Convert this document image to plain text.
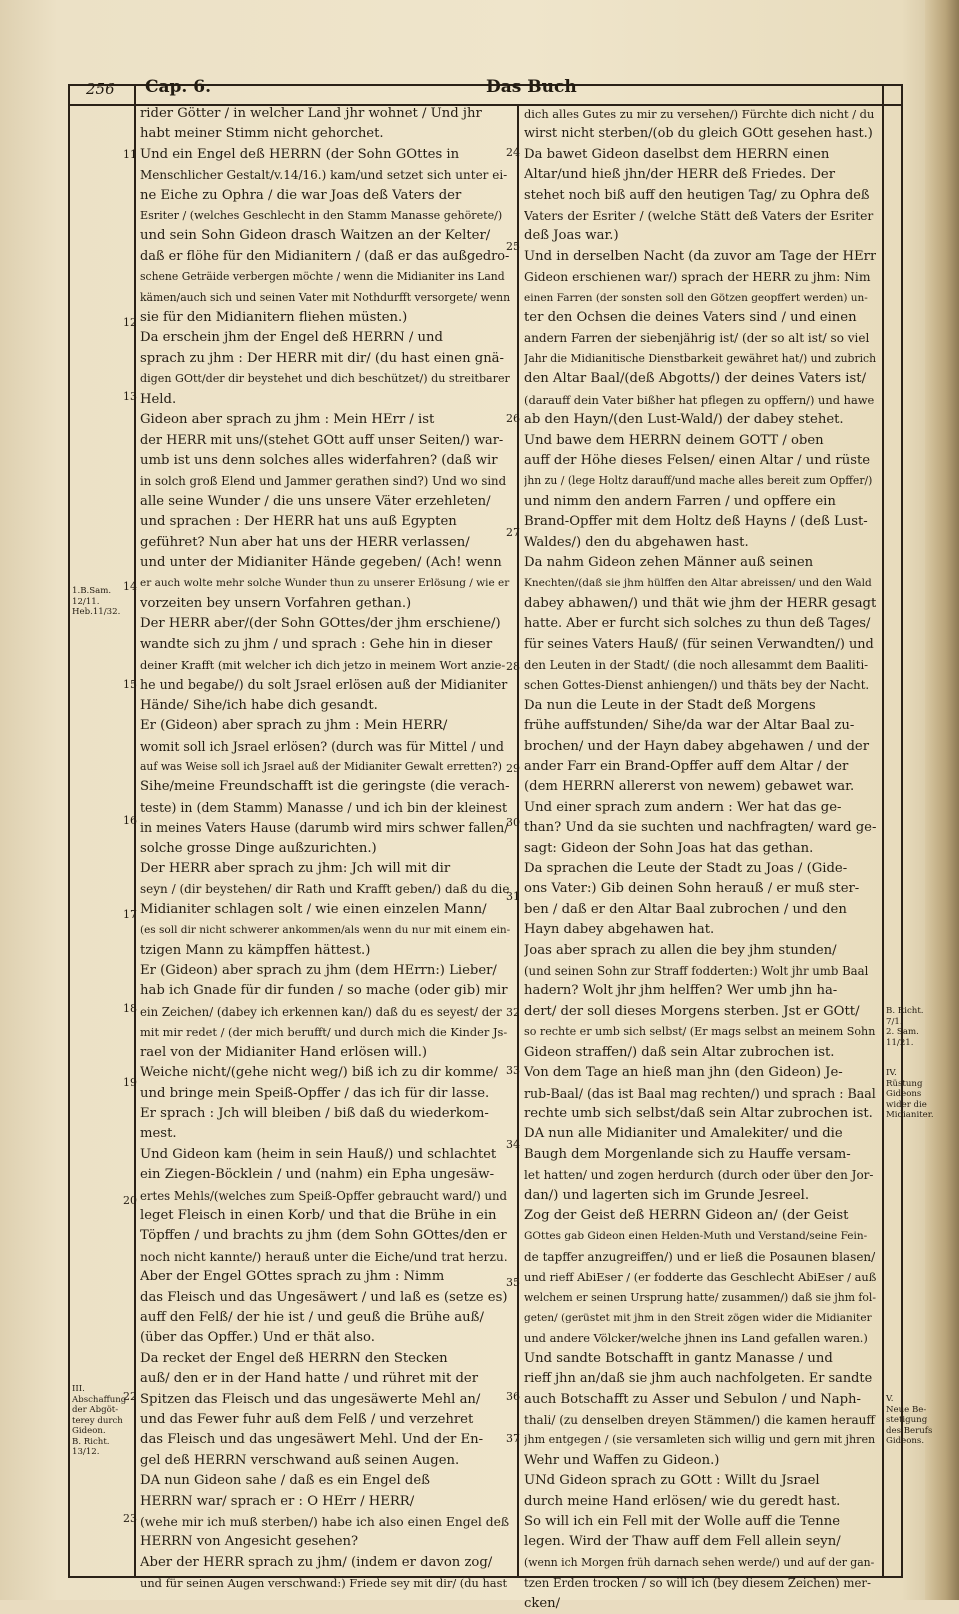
256 Cap. 6.	Das Buch
1.B.Sam.
12/11.
Heb.11/32.
III.
Abschaffung
der Abgöt-
terey durch
Gideon.
B. Richt.
13/12.
B. Richt.
7/1.
2. Sam.
11/21.
IV.
Rüstung
Gideons
wider die
Midianiter.
V.
Neue Be-
stetigung
des Berufs
Gideons.
11
12
13
14
15
16
17
18
19
20
22
23
24
25
26
27
28
29
30
31
32
33
34
35
36
37
rider Götter / in welcher Land jhr wohnet / Und jhr
habt meiner Stimm nicht gehorchet.
Und ein Engel deß HERRN (der Sohn GOttes in
Menschlicher Gestalt/v.14/16.) kam/und setzet sich unter ei-
ne Eiche zu Ophra / die war Joas deß Vaters der
Esriter / (welches Geschlecht in den Stamm Manasse gehörete/)
und sein Sohn Gideon drasch Waitzen an der Kelter/
daß er flöhe für den Midianitern / (daß er das außgedro-
schene Geträide verbergen möchte / wenn die Midianiter ins Land
kämen/auch sich und seinen Vater mit Nothdurfft versorgete/ wenn
sie für den Midianitern fliehen müsten.)
Da erschein jhm der Engel deß HERRN / und
sprach zu jhm : Der HERR mit dir/ (du hast einen gnä-
digen GOtt/der dir beystehet und dich beschützet/) du streitbarer
Held.
Gideon aber sprach zu jhm : Mein HErr / ist
der HERR mit uns/(stehet GOtt auff unser Seiten/) war-
umb ist uns denn solches alles widerfahren? (daß wir
in solch groß Elend und Jammer gerathen sind?) Und wo sind
alle seine Wunder / die uns unsere Väter erzehleten/
und sprachen : Der HERR hat uns auß Egypten
geführet? Nun aber hat uns der HERR verlassen/
und unter der Midianiter Hände gegeben/ (Ach! wenn
er auch wolte mehr solche Wunder thun zu unserer Erlösung / wie er
vorzeiten bey unsern Vorfahren gethan.)
Der HERR aber/(der Sohn GOttes/der jhm erschiene/)
wandte sich zu jhm / und sprach : Gehe hin in dieser
deiner Krafft (mit welcher ich dich jetzo in meinem Wort anzie-
he und begabe/) du solt Jsrael erlösen auß der Midianiter
Hände/ Sihe/ich habe dich gesandt.
Er (Gideon) aber sprach zu jhm : Mein HERR/
womit soll ich Jsrael erlösen? (durch was für Mittel / und
auf was Weise soll ich Jsrael auß der Midianiter Gewalt erretten?)
Sihe/meine Freundschafft ist die geringste (die verach-
teste) in (dem Stamm) Manasse / und ich bin der kleinest
in meines Vaters Hause (darumb wird mirs schwer fallen/
solche grosse Dinge außzurichten.)
Der HERR aber sprach zu jhm: Jch will mit dir
seyn / (dir beystehen/ dir Rath und Krafft geben/) daß du die
Midianiter schlagen solt / wie einen einzelen Mann/
(es soll dir nicht schwerer ankommen/als wenn du nur mit einem ein-
tzigen Mann zu kämpffen hättest.)
Er (Gideon) aber sprach zu jhm (dem HErrn:) Lieber/
hab ich Gnade für dir funden / so mache (oder gib) mir
ein Zeichen/ (dabey ich erkennen kan/) daß du es seyest/ der
mit mir redet / (der mich berufft/ und durch mich die Kinder Js-
rael von der Midianiter Hand erlösen will.)
Weiche nicht/(gehe nicht weg/) biß ich zu dir komme/
und bringe mein Speiß-Opffer / das ich für dir lasse.
Er sprach : Jch will bleiben / biß daß du wiederkom-
mest.
Und Gideon kam (heim in sein Hauß/) und schlachtet
ein Ziegen-Böcklein / und (nahm) ein Epha ungesäw-
ertes Mehls/(welches zum Speiß-Opffer gebraucht ward/) und
leget Fleisch in einen Korb/ und that die Brühe in ein
Töpffen / und brachts zu jhm (dem Sohn GOttes/den er
noch nicht kannte/) herauß unter die Eiche/und trat herzu.
Aber der Engel GOttes sprach zu jhm : Nimm
das Fleisch und das Ungesäwert / und laß es (setze es)
auff den Felß/ der hie ist / und geuß die Brühe auß/
(über das Opffer.) Und er thät also.
Da recket der Engel deß HERRN den Stecken
auß/ den er in der Hand hatte / und rühret mit der
Spitzen das Fleisch und das ungesäwerte Mehl an/
und das Fewer fuhr auß dem Felß / und verzehret
das Fleisch und das ungesäwert Mehl. Und der En-
gel deß HERRN verschwand auß seinen Augen.
DA nun Gideon sahe / daß es ein Engel deß
HERRN war/ sprach er : O HErr / HERR/
(wehe mir ich muß sterben/) habe ich also einen Engel deß
HERRN von Angesicht gesehen?
Aber der HERR sprach zu jhm/ (indem er davon zog/
und für seinen Augen verschwand:) Friede sey mit dir/ (du hast
dich alles Gutes zu mir zu versehen/) Fürchte dich nicht / du
wirst nicht sterben/(ob du gleich GOtt gesehen hast.)
Da bawet Gideon daselbst dem HERRN einen
Altar/und hieß jhn/der HERR deß Friedes. Der
stehet noch biß auff den heutigen Tag/ zu Ophra deß
Vaters der Esriter / (welche Stätt deß Vaters der Esriter
deß Joas war.)
Und in derselben Nacht (da zuvor am Tage der HErr
Gideon erschienen war/) sprach der HERR zu jhm: Nim
einen Farren (der sonsten soll den Götzen geopffert werden) un-
ter den Ochsen die deines Vaters sind / und einen
andern Farren der siebenjährig ist/ (der so alt ist/ so viel
Jahr die Midianitische Dienstbarkeit gewähret hat/) und zubrich
den Altar Baal/(deß Abgotts/) der deines Vaters ist/
(darauff dein Vater bißher hat pflegen zu opffern/) und hawe
ab den Hayn/(den Lust-Wald/) der dabey stehet.
Und bawe dem HERRN deinem GOTT / oben
auff der Höhe dieses Felsen/ einen Altar / und rüste
jhn zu / (lege Holtz darauff/und mache alles bereit zum Opffer/)
und nimm den andern Farren / und opffere ein
Brand-Opffer mit dem Holtz deß Hayns / (deß Lust-
Waldes/) den du abgehawen hast.
Da nahm Gideon zehen Männer auß seinen
Knechten/(daß sie jhm hülffen den Altar abreissen/ und den Wald
dabey abhawen/) und thät wie jhm der HERR gesagt
hatte. Aber er furcht sich solches zu thun deß Tages/
für seines Vaters Hauß/ (für seinen Verwandten/) und
den Leuten in der Stadt/ (die noch allesammt dem Baaliti-
schen Gottes-Dienst anhiengen/) und thäts bey der Nacht.
Da nun die Leute in der Stadt deß Morgens
frühe auffstunden/ Sihe/da war der Altar Baal zu-
brochen/ und der Hayn dabey abgehawen / und der
ander Farr ein Brand-Opffer auff dem Altar / der
(dem HERRN allererst von newem) gebawet war.
Und einer sprach zum andern : Wer hat das ge-
than? Und da sie suchten und nachfragten/ ward ge-
sagt: Gideon der Sohn Joas hat das gethan.
Da sprachen die Leute der Stadt zu Joas / (Gide-
ons Vater:) Gib deinen Sohn herauß / er muß ster-
ben / daß er den Altar Baal zubrochen / und den
Hayn dabey abgehawen hat.
Joas aber sprach zu allen die bey jhm stunden/
(und seinen Sohn zur Straff fodderten:) Wolt jhr umb Baal
hadern? Wolt jhr jhm helffen? Wer umb jhn ha-
dert/ der soll dieses Morgens sterben. Jst er GOtt/
so rechte er umb sich selbst/ (Er mags selbst an meinem Sohn
Gideon straffen/) daß sein Altar zubrochen ist.
Von dem Tage an hieß man jhn (den Gideon) Je-
rub-Baal/ (das ist Baal mag rechten/) und sprach : Baal
rechte umb sich selbst/daß sein Altar zubrochen ist.
DA nun alle Midianiter und Amalekiter/ und die
Baugh dem Morgenlande sich zu Hauffe versam-
let hatten/ und zogen herdurch (durch oder über den Jor-
dan/) und lagerten sich im Grunde Jesreel.
Zog der Geist deß HERRN Gideon an/ (der Geist
GOttes gab Gideon einen Helden-Muth und Verstand/seine Fein-
de tapffer anzugreiffen/) und er ließ die Posaunen blasen/
und rieff AbiEser / (er fodderte das Geschlecht AbiEser / auß
welchem er seinen Ursprung hatte/ zusammen/) daß sie jhm fol-
geten/ (gerüstet mit jhm in den Streit zögen wider die Midianiter
und andere Völcker/welche jhnen ins Land gefallen waren.)
Und sandte Botschafft in gantz Manasse / und
rieff jhn an/daß sie jhm auch nachfolgeten. Er sandte
auch Botschafft zu Asser und Sebulon / und Naph-
thali/ (zu denselben dreyen Stämmen/) die kamen herauff
jhm entgegen / (sie versamleten sich willig und gern mit jhren
Wehr und Waffen zu Gideon.)
UNd Gideon sprach zu GOtt : Willt du Jsrael
durch meine Hand erlösen/ wie du geredt hast.
So will ich ein Fell mit der Wolle auff die Tenne
legen. Wird der Thaw auff dem Fell allein seyn/
(wenn ich Morgen früh darnach sehen werde/) und auf der gan-
tzen Erden trocken / so will ich (bey diesem Zeichen) mer-
cken/
